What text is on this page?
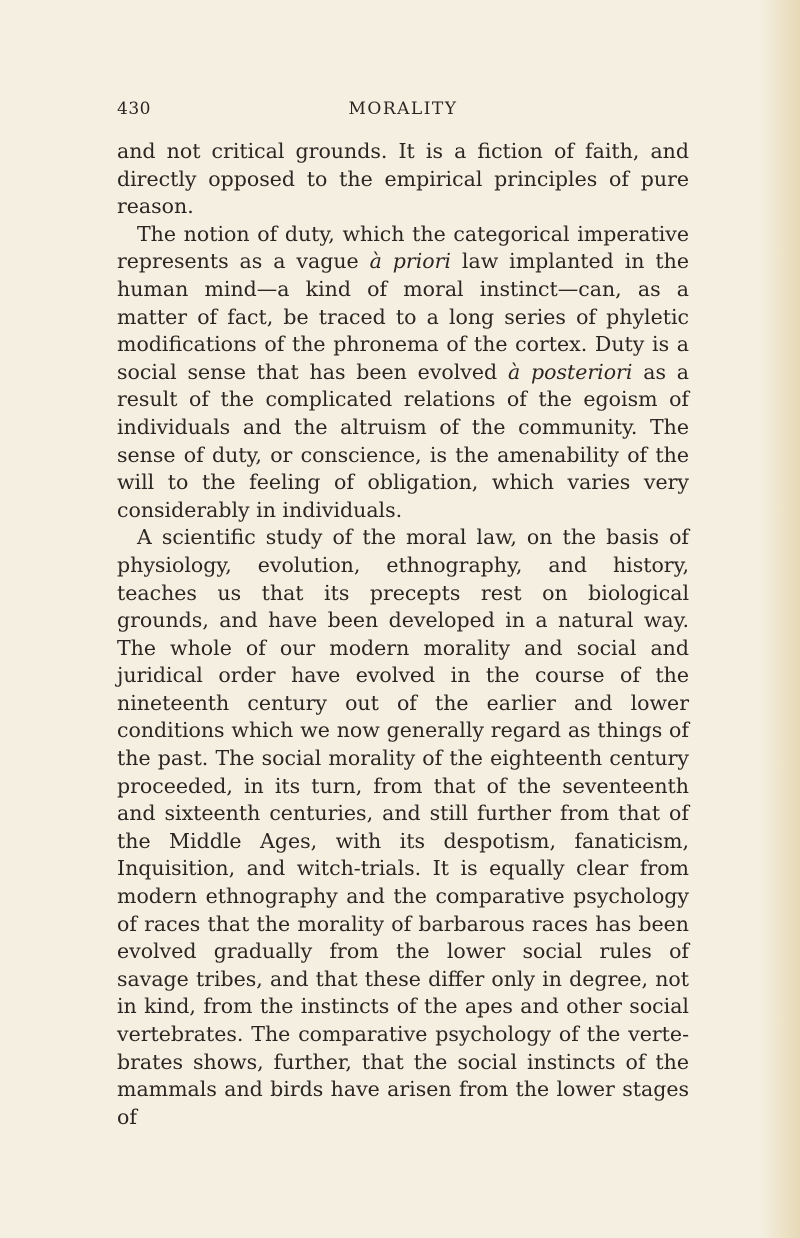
430	MORALITY

and not critical grounds. It is a fiction of faith, and directly opposed to the empirical principles of pure reason.

The notion of duty, which the categorical imperative represents as a vague à priori law implanted in the human mind—a kind of moral instinct—can, as a matter of fact, be traced to a long series of phyletic modifications of the phronema of the cortex. Duty is a social sense that has been evolved à posteriori as a result of the complicated relations of the egoism of individuals and the altruism of the community. The sense of duty, or conscience, is the amenability of the will to the feeling of obligation, which varies very considerably in individuals.

A scientific study of the moral law, on the basis of physiology, evolution, ethnography, and history, teaches us that its precepts rest on biological grounds, and have been developed in a natural way. The whole of our modern morality and social and juridical order have evolved in the course of the nineteenth century out of the earlier and lower conditions which we now generally regard as things of the past. The social morality of the eighteenth century proceeded, in its turn, from that of the seventeenth and sixteenth centuries, and still further from that of the Middle Ages, with its despotism, fanaticism, Inquisition, and witch-trials. It is equally clear from modern ethnography and the comparative psychology of races that the morality of barbarous races has been evolved gradually from the lower social rules of savage tribes, and that these differ only in degree, not in kind, from the instincts of the apes and other social vertebrates. The comparative psychology of the vertebrates shows, further, that the social instincts of the mammals and birds have arisen from the lower stages of
